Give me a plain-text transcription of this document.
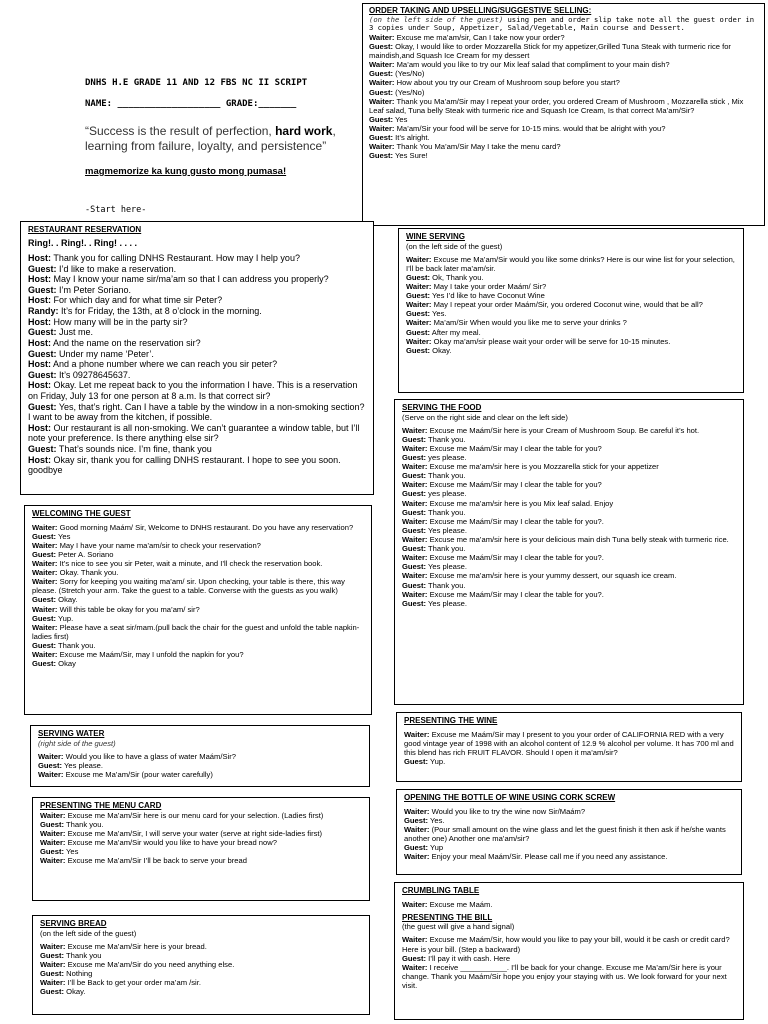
DNHS H.E GRADE 11 AND 12 FBS NC II SCRIPT
NAME: ___________________ GRADE:_______
“Success is the result of perfection, hard work, learning from failure, loyalty, and persistence”
magmemorize ka kung gusto mong pumasa!
-Start here-
ORDER TAKING AND UPSELLING/SUGGESTIVE SELLING:
(on the left side of the guest) using pen and order slip take note all the guest order in 3 copies under Soup, Appetizer, Salad/Vegetable, Main course and Dessert.
Waiter: Excuse me ma’am/sir, Can I take now your order?
Guest: Okay, I would like to order Mozzarella Stick for my appetizer,Grilled Tuna Steak with turmeric rice for maindish,and Squash Ice Cream for my dessert
Waiter: Ma’am would you like to try our Mix leaf salad that compliment to your main dish?
Guest: (Yes/No)
Waiter: How about you try our Cream of Mushroom soup before you start?
Guest: (Yes/No)
Waiter: Thank you Ma’am/Sir may I repeat your order, you ordered Cream of Mushroom , Mozzarella stick , Mix Leaf salad, Tuna belly Steak with turmeric rice and Squash Ice Cream, Is that correct Ma’am/Sir?
Guest: Yes
Waiter: Ma’am/Sir your food will be serve for 10-15 mins. would that be alright with you?
Guest: It’s alright.
Waiter: Thank You Ma’am/Sir May I take the menu card?
Guest: Yes Sure!
RESTAURANT RESERVATION
Ring!. . Ring!. . Ring! . . . .
Host: Thank you for calling DNHS Restaurant. How may I help you?
Guest: I’d like to make a reservation.
Host: May I know your name sir/ma’am so that I can address you properly?
Guest: I’m Peter Soriano.
Host: For which day and for what time sir Peter?
Randy: It’s for Friday, the 13th, at 8 o’clock in the morning.
Host: How many will be in the party sir?
Guest: Just me.
Host: And the name on the reservation sir?
Guest: Under my name ‘Peter’.
Host: And a phone number where we can reach you sir peter?
Guest: It’s 09278645637.
Host: Okay. Let me repeat back to you the information I have. This is a reservation on Friday, July 13 for one person at 8 a.m. Is that correct sir?
Guest: Yes, that’s right. Can I have a table by the window in a non-smoking section? I want to be away from the kitchen, if possible.
Host: Our restaurant is all non-smoking. We can’t guarantee a window table, but I’ll note your preference. Is there anything else sir?
Guest: That’s sounds nice. I’m fine, thank you
Host: Okay sir, thank you for calling DNHS restaurant. I hope to see you soon. goodbye
WELCOMING THE GUEST
Waiter: Good morning Maám/ Sir, Welcome to DNHS restaurant. Do you have any reservation?
Guest: Yes
Waiter: May I have your name ma’am/sir to check your reservation?
Guest: Peter A. Soriano
Waiter: It’s nice to see you sir Peter, wait a minute, and I’ll check the reservation book.
Waiter: Okay. Thank you.
Waiter: Sorry for keeping you waiting ma’am/ sir. Upon checking, your table is there, this way please. (Stretch your arm. Take the guest to a table. Converse with the guests as you walk)
Guest: Okay.
Waiter: Will this table be okay for you ma’am/ sir?
Guest: Yup.
Waiter: Please have a seat sir/mam.(pull back the chair for the guest and unfold the table napkin-ladies first)
Guest: Thank you.
Waiter: Excuse me Maám/Sir, may I unfold the napkin for you?
Guest: Okay
SERVING WATER
(right side of the guest)
Waiter: Would you like to have a glass of water Maám/Sir?
Guest: Yes please.
Waiter: Excuse me Ma’am/Sir (pour water carefully)
PRESENTING THE MENU CARD
Waiter: Excuse me Ma’am/Sir here is our menu card for your selection. (Ladies first)
Guest: Thank you.
Waiter: Excuse me Ma’am/Sir, I will serve your water (serve at right side-ladies first)
Waiter: Excuse me Ma’am/Sir would you like to have your bread now?
Guest: Yes
Waiter: Excuse me Ma’am/Sir I’ll be back to serve your bread
SERVING BREAD
(on the left side of the guest)
Waiter: Excuse me Ma’am/Sir here is your bread.
Guest: Thank you
Waiter: Excuse me Ma’am/Sir do you need anything else.
Guest: Nothing
Waiter: I’ll be Back to get your order ma’am /sir.
Guest: Okay.
WINE SERVING
(on the left side of the guest)
Waiter: Excuse me Ma’am/Sir would you like some drinks? Here is our wine list for your selection, I’ll be back later ma’am/sir.
Guest: Ok, Thank you.
Waiter: May I take your order Maám/ Sir?
Guest: Yes I’d like to have Coconut Wine
Waiter: May I repeat your order Maám/Sir, you ordered Coconut wine, would that be all?
Guest: Yes.
Waiter: Ma’am/Sir When would you like me to serve your drinks ?
Guest: After my meal.
Waiter: Okay ma’am/sir please wait your order will be serve for 10-15 minutes.
Guest: Okay.
SERVING THE FOOD
(Serve on the right side and clear on the left side)
Waiter: Excuse me Maám/Sir here is your Cream of Mushroom Soup. Be careful it’s hot.
Guest: Thank you.
Waiter: Excuse me Maám/Sir may I clear the table for you?
Guest: yes please.
Waiter: Excuse me ma’am/sir here is you Mozzarella stick for your appetizer
Guest: Thank you.
Waiter: Excuse me Maám/Sir may I clear the table for you?
Guest: yes please.
Waiter: Excuse me ma’am/sir here is you Mix leaf salad. Enjoy
Guest: Thank you.
Waiter: Excuse me Maám/Sir may I clear the table for you?.
Guest: Yes please.
Waiter: Excuse me ma’am/sir here is your delicious main dish Tuna belly steak with turmeric rice.
Guest: Thank you.
Waiter: Excuse me Maám/Sir may I clear the table for you?.
Guest: Yes please.
Waiter: Excuse me ma’am/sir here is your yummy dessert, our squash ice cream.
Guest: Thank you.
Waiter: Excuse me Maám/Sir may I clear the table for you?.
Guest: Yes please.
PRESENTING THE WINE
Waiter: Excuse me Maám/Sir may I present to you your order of CALIFORNIA RED with a very good vintage year of 1998 with an alcohol content of 12.9 % alcohol per volume. It has 700 ml and this blend has rich FRUIT FLAVOR. Should I open it ma’am/sir?
Guest: Yup.
OPENING THE BOTTLE OF WINE USING CORK SCREW
Waiter: Would you like to try the wine now Sir/Maám?
Guest: Yes.
Waiter: (Pour small amount on the wine glass and let the guest finish it then ask if he/she wants another one) Another one ma’am/sir?
Guest: Yup
Waiter: Enjoy your meal Maám/Sir. Please call me if you need any assistance.
CRUMBLING TABLE
Waiter: Excuse me Maám.
PRESENTING THE BILL
(the guest will give a hand signal)
Waiter: Excuse me Maám/Sir, how would you like to pay your bill, would it be cash or credit card? Here is your bill. (Step a backward)
Guest: I’ll pay it with cash. Here
Waiter: I receive ___________. I’ll be back for your change. Excuse me Ma’am/Sir here is your change. Thank you Maám/Sir hope you enjoy your staying with us. We look forward for your next visit.
